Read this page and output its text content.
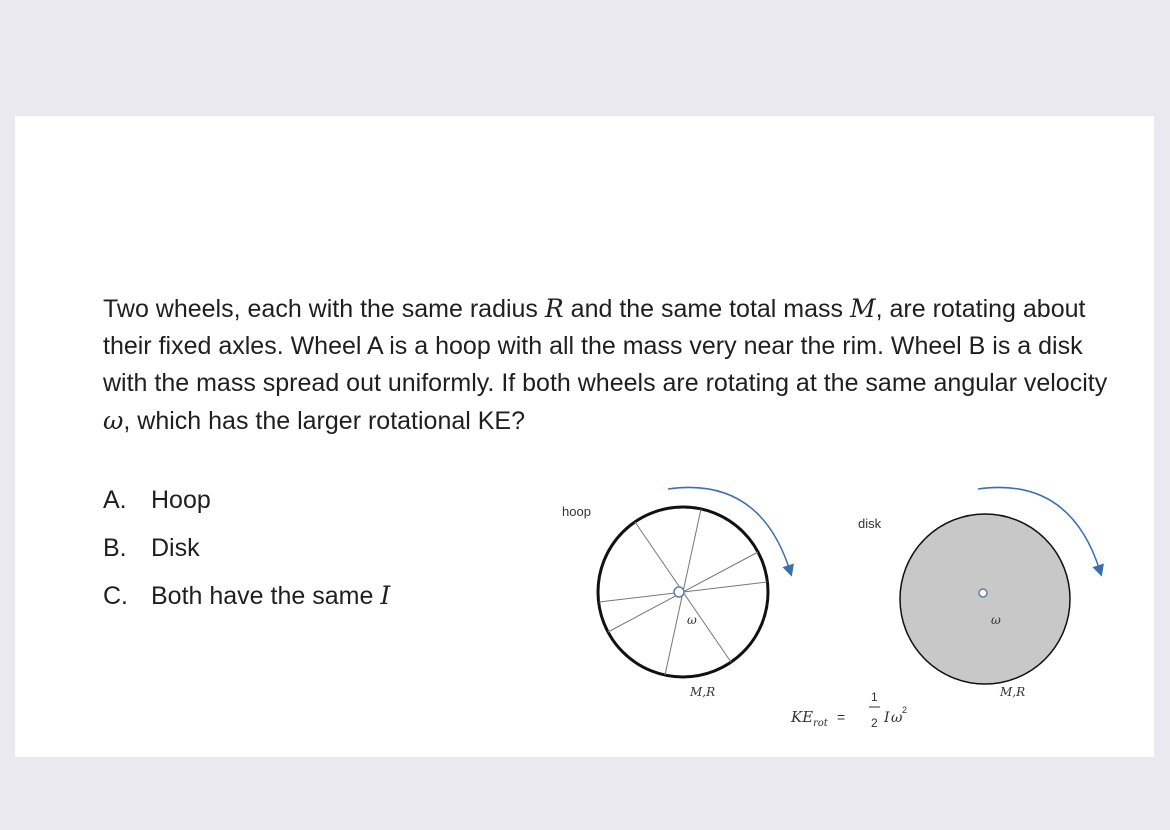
Two wheels, each with the same radius R and the same total mass M, are rotating about their fixed axles. Wheel A is a hoop with all the mass very near the rim. Wheel B is a disk with the mass spread out uniformly. If both wheels are rotating at the same angular velocity ω, which has the larger rotational KE?

A. Hoop
B. Disk
C. Both have the same I
hoop
ω
M,R
disk
ω
M,R
KE rot =
1
2 I ω 2
